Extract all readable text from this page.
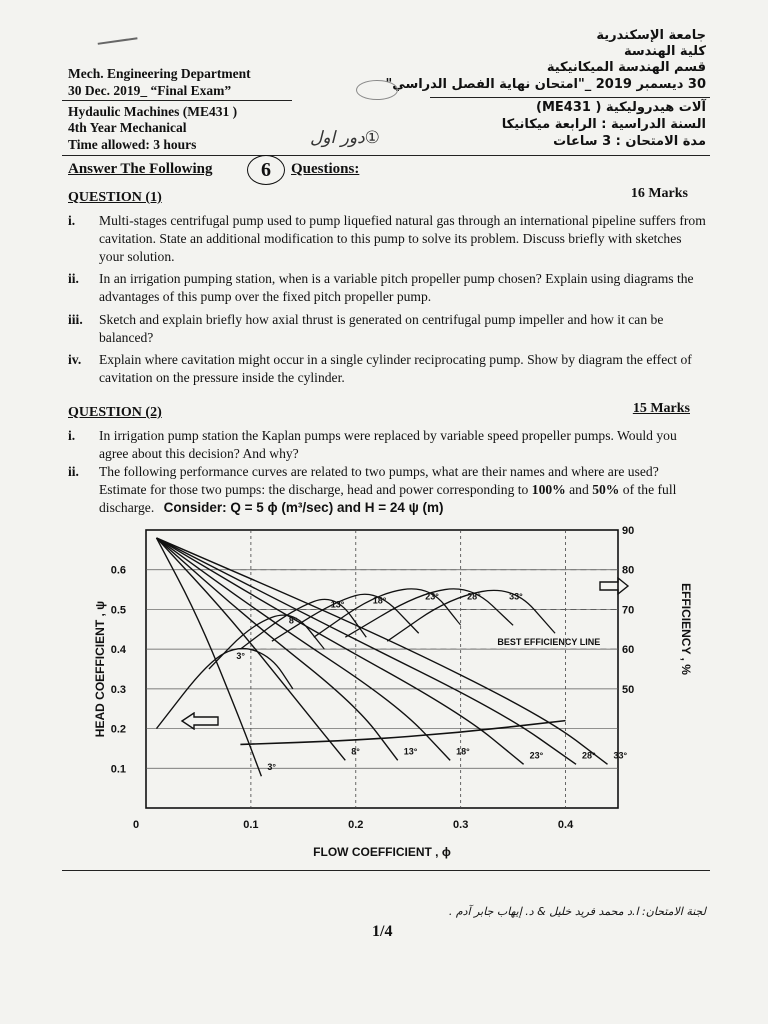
Mech. Engineering Department
30 Dec. 2019_ “Final Exam”
Hydaulic Machines (ME431 )
4th Year Mechanical
Time allowed: 3 hours
جامعة الإسكندرية
كلية الهندسة
قسم الهندسة الميكانيكية
30 ديسمبر 2019 _"امتحان نهاية الفصل الدراسي"
آلات هيدروليكية ( ME431)
السنة الدراسية : الرابعة ميكانيكا
مدة الامتحان : 3 ساعات
①دور اول
Answer The Following	6	Questions:
QUESTION (1)	16 Marks
i. Multi-stages centrifugal pump used to pump liquefied natural gas through an international pipeline suffers from cavitation. State an additional modification to this pump to solve its problem. Discuss briefly with sketches your solution.
ii. In an irrigation pumping station, when is a variable pitch propeller pump chosen? Explain using diagrams the advantages of this pump over the fixed pitch propeller pump.
iii. Sketch and explain briefly how axial thrust is generated on centrifugal pump impeller and how it can be balanced?
iv. Explain where cavitation might occur in a single cylinder reciprocating pump. Show by diagram the effect of cavitation on the pressure inside the cylinder.
QUESTION (2)	15 Marks
i. In irrigation pump station the Kaplan pumps were replaced by variable speed propeller pumps. Would you agree about this decision? And why?
ii. The following performance curves are related to two pumps, what are their names and where are used? Estimate for those two pumps: the discharge, head and power corresponding to 100% and 50% of the full discharge. Consider: Q = 5 ϕ (m³/sec) and H = 24 ψ (m)
0.1
0.2
0.3
0.4
0.5
0.6
0	0.1	0.2	0.3	0.4
50
60
70
80
90
FLOW COEFFICIENT , ϕ
HEAD COEFFICIENT , ψ	EFFICIENCY , %
3°
8°	13°	18°	23°	28° 33°
3°
8°
13°	18°	23°	28°	33°
BEST EFFICIENCY LINE
لجنة الامتحان: ا.د محمد فريد خليل & د. إيهاب جابر آدم .
1/4
